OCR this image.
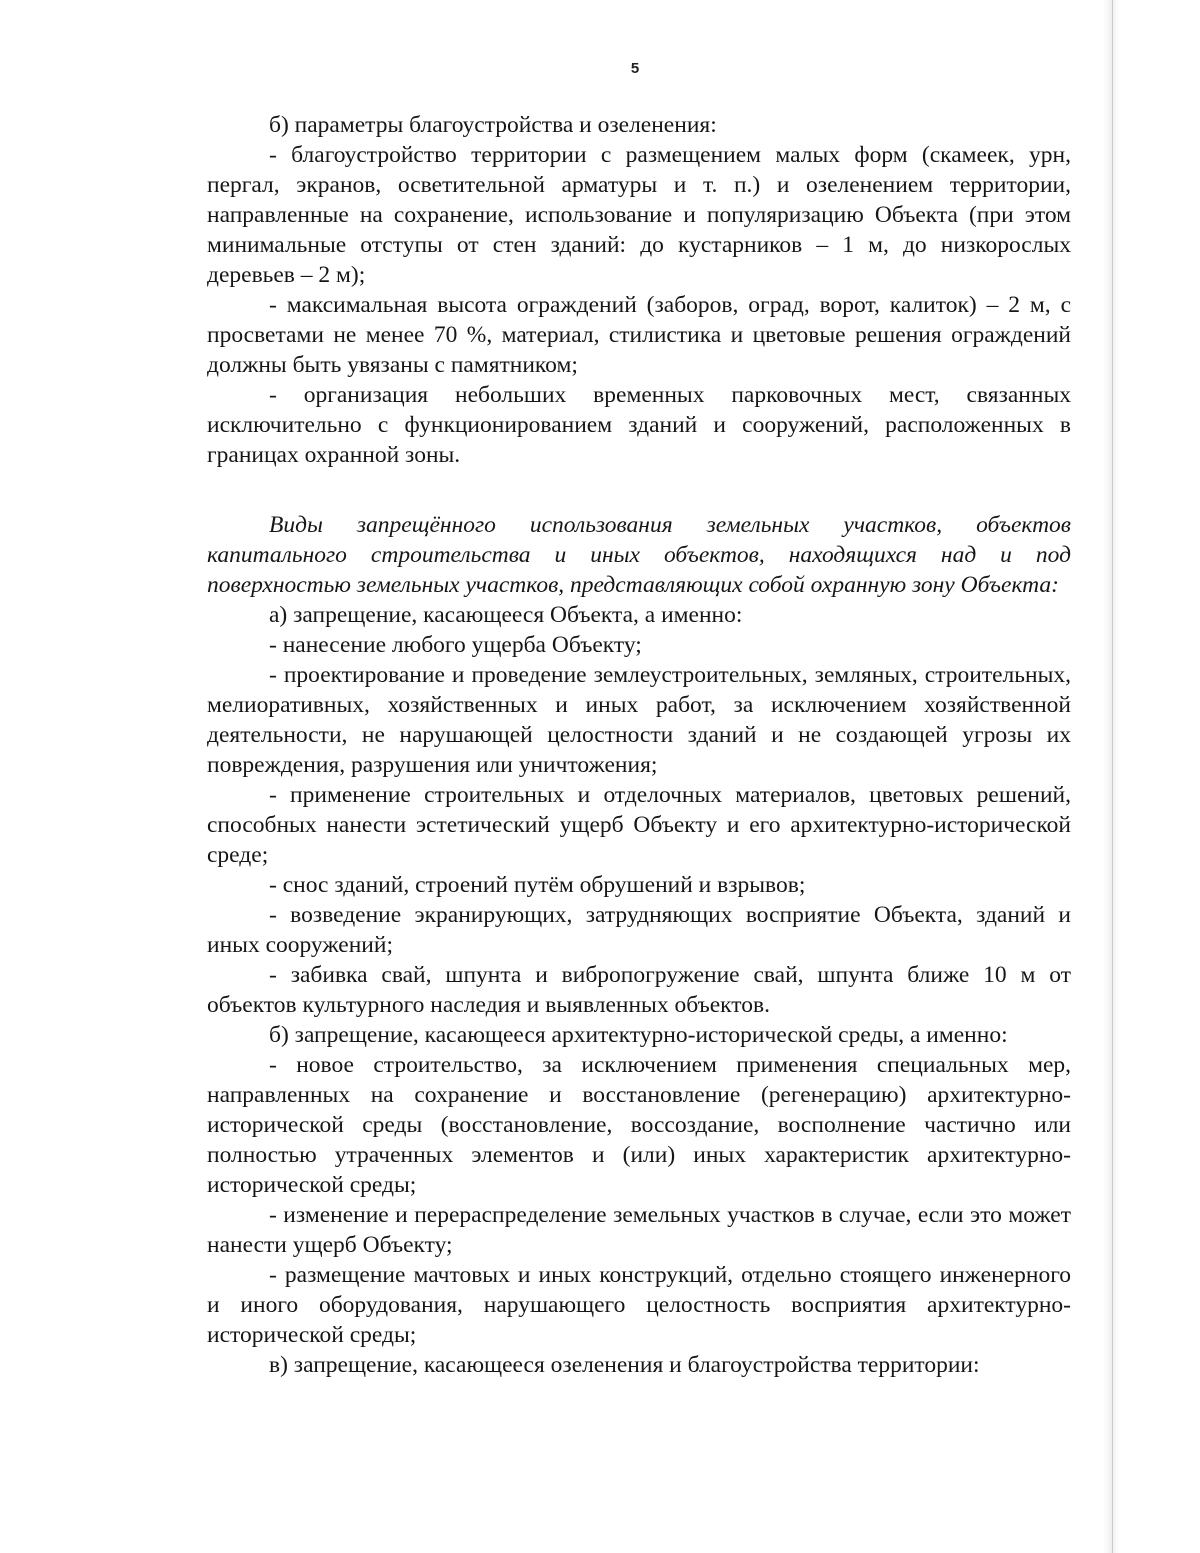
5

б) параметры благоустройства и озеленения:

- благоустройство территории с размещением малых форм (скамеек, урн, пергал, экранов, осветительной арматуры и т. п.) и озеленением территории, направленные на сохранение, использование и популяризацию Объекта (при этом минимальные отступы от стен зданий: до кустарников – 1 м, до низкорослых деревьев – 2 м);

- максимальная высота ограждений (заборов, оград, ворот, калиток) – 2 м, с просветами не менее 70 %, материал, стилистика и цветовые решения ограждений должны быть увязаны с памятником;

- организация небольших временных парковочных мест, связанных исключительно с функционированием зданий и сооружений, расположенных в границах охранной зоны.

Виды запрещённого использования земельных участков, объектов капитального строительства и иных объектов, находящихся над и под поверхностью земельных участков, представляющих собой охранную зону Объекта:

а) запрещение, касающееся Объекта, а именно:

- нанесение любого ущерба Объекту;

- проектирование и проведение землеустроительных, земляных, строительных, мелиоративных, хозяйственных и иных работ, за исключением хозяйственной деятельности, не нарушающей целостности зданий и не создающей угрозы их повреждения, разрушения или уничтожения;

- применение строительных и отделочных материалов, цветовых решений, способных нанести эстетический ущерб Объекту и его архитектурно-исторической среде;

- снос зданий, строений путём обрушений и взрывов;

- возведение экранирующих, затрудняющих восприятие Объекта, зданий и иных сооружений;

- забивка свай, шпунта и вибропогружение свай, шпунта ближе 10 м от объектов культурного наследия и выявленных объектов.

б) запрещение, касающееся архитектурно-исторической среды, а именно:

- новое строительство, за исключением применения специальных мер, направленных на сохранение и восстановление (регенерацию) архитектурно-исторической среды (восстановление, воссоздание, восполнение частично или полностью утраченных элементов и (или) иных характеристик архитектурно-исторической среды;

- изменение и перераспределение земельных участков в случае, если это может нанести ущерб Объекту;

- размещение мачтовых и иных конструкций, отдельно стоящего инженерного и иного оборудования, нарушающего целостность восприятия архитектурно-исторической среды;

в) запрещение, касающееся озеленения и благоустройства территории:
